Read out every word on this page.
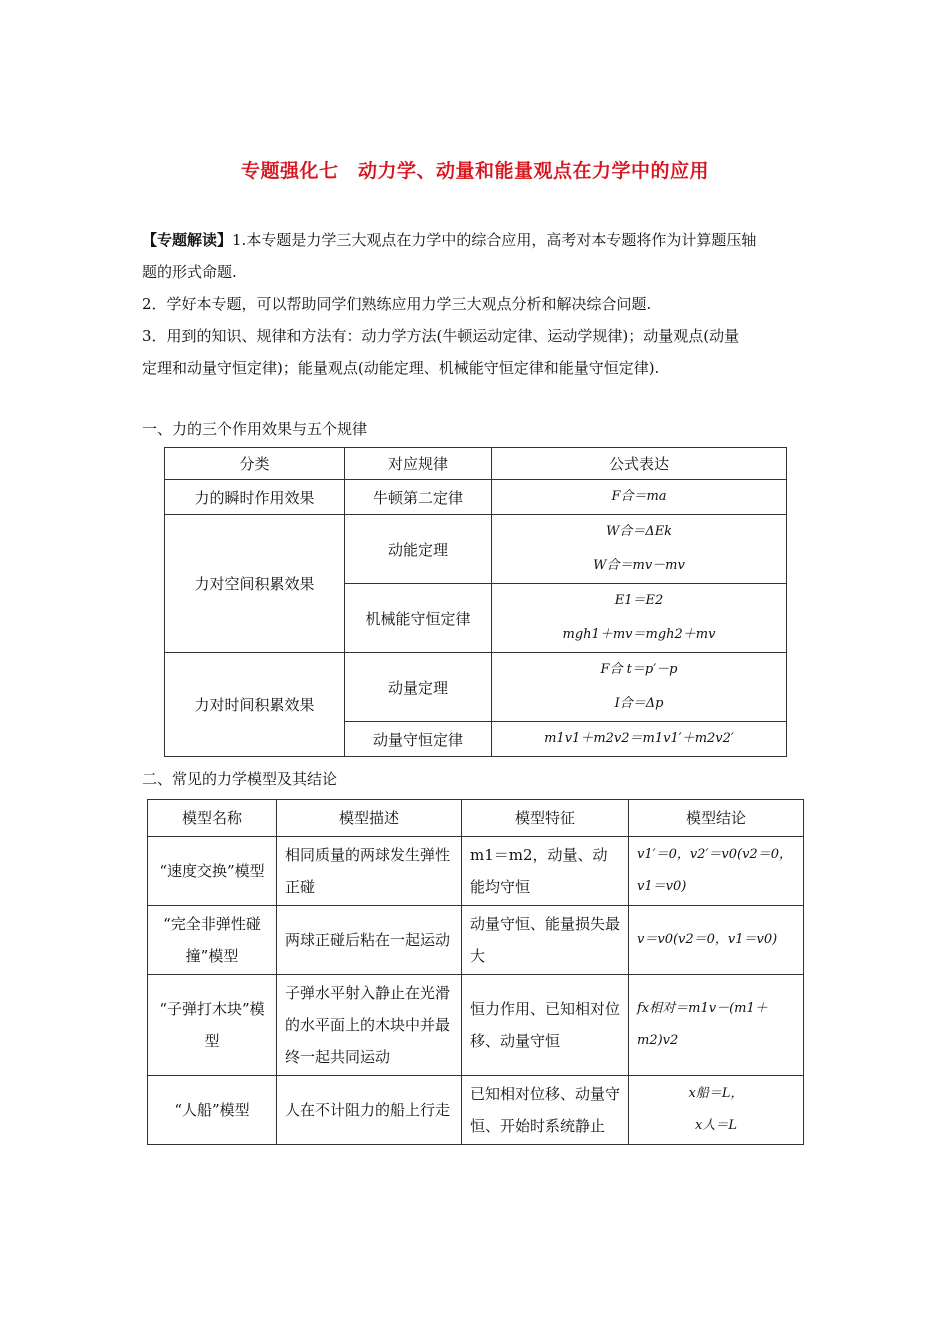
专题强化七　动力学、动量和能量观点在力学中的应用
【专题解读】1.本专题是力学三大观点在力学中的综合应用，高考对本专题将作为计算题压轴
题的形式命题.
2．学好本专题，可以帮助同学们熟练应用力学三大观点分析和解决综合问题.
3．用到的知识、规律和方法有：动力学方法(牛顿运动定律、运动学规律)；动量观点(动量
定理和动量守恒定律)；能量观点(动能定理、机械能守恒定律和能量守恒定律).
一、力的三个作用效果与五个规律
分类	对应规律	公式表达
力的瞬时作用效果	牛顿第二定律	F合＝ma
力对空间积累效果	动能定理	W合＝ΔEk
W合＝mv－mv

	机械能守恒定律	E1＝E2
mgh1＋mv＝mgh2＋mv

力对时间积累效果	动量定理	F合 t＝p′－p
I合＝Δp

	动量守恒定律	m1v1＋m2v2＝m1v1′＋m2v2′
二、常见的力学模型及其结论
模型名称	模型描述	模型特征	模型结论
“速度交换”模型	相同质量的两球发生弹性正碰	m1＝m2，动量、动能均守恒	v1′＝0，v2′＝v0(v2＝0，v1＝v0)
“完全非弹性碰撞”模型	两球正碰后粘在一起运动	动量守恒、能量损失最大	v＝v0(v2＝0，v1＝v0)
“子弹打木块”模型	子弹水平射入静止在光滑的水平面上的木块中并最终一起共同运动	恒力作用、已知相对位移、动量守恒	fx相对＝m1v－(m1＋m2)v2
“人船”模型	人在不计阻力的船上行走	已知相对位移、动量守恒、开始时系统静止	x船＝L，
x人＝L
